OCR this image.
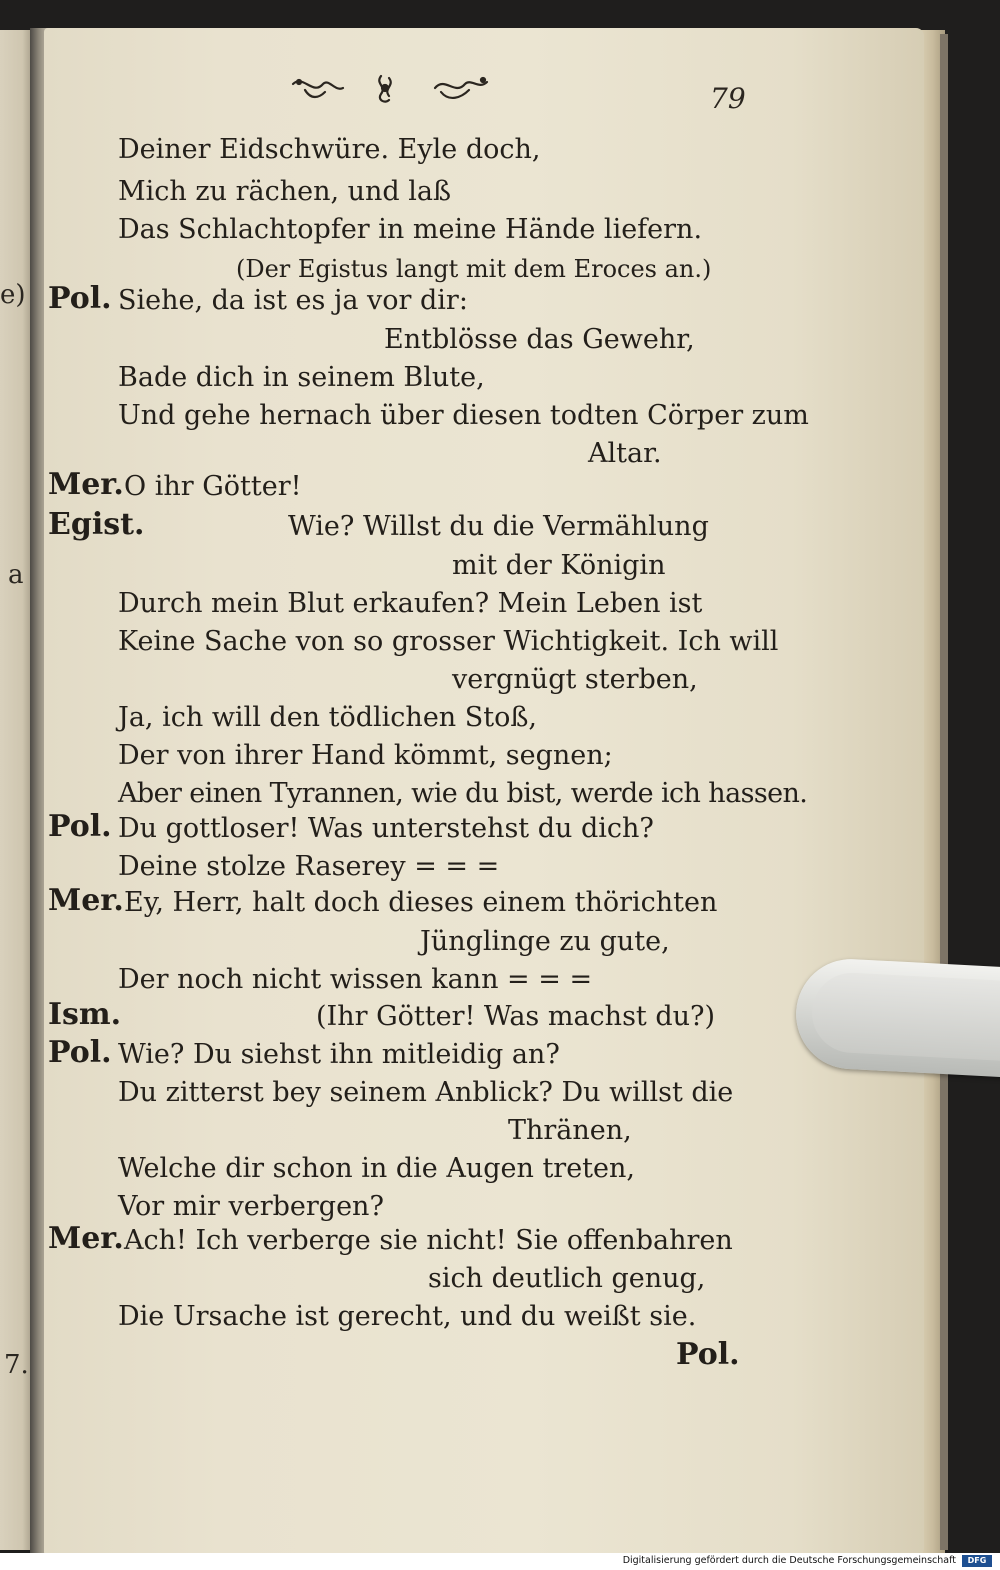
e)
a
7.
79
Deiner Eidschwüre. Eyle doch,
Mich zu rächen, und laß
Das Schlachtopfer in meine Hände liefern.
(Der Egistus langt mit dem Eroces an.)
Pol. Siehe, da ist es ja vor dir:
Entblösse das Gewehr,
Bade dich in seinem Blute,
Und gehe hernach über diesen todten Cörper zum
Altar.
Mer. O ihr Götter!
Egist.	Wie? Willst du die Vermählung
mit der Königin
Durch mein Blut erkaufen? Mein Leben ist
Keine Sache von so grosser Wichtigkeit. Ich will
vergnügt sterben,
Ja, ich will den tödlichen Stoß,
Der von ihrer Hand kömmt, segnen;
Aber einen Tyrannen, wie du bist, werde ich hassen.
Pol. Du gottloser! Was unterstehst du dich?
Deine stolze Raserey = = =
Mer. Ey, Herr, halt doch dieses einem thörichten
Jünglinge zu gute,
Der noch nicht wissen kann = = =
Ism.	(Ihr Götter! Was machst du?)
Pol. Wie? Du siehst ihn mitleidig an?
Du zitterst bey seinem Anblick? Du willst die
Thränen,
Welche dir schon in die Augen treten,
Vor mir verbergen?
Mer. Ach! Ich verberge sie nicht! Sie offenbahren
sich deutlich genug,
Die Ursache ist gerecht, und du weißt sie.
Pol.
Digitalisierung gefördert durch die Deutsche Forschungsgemeinschaft	DFG
